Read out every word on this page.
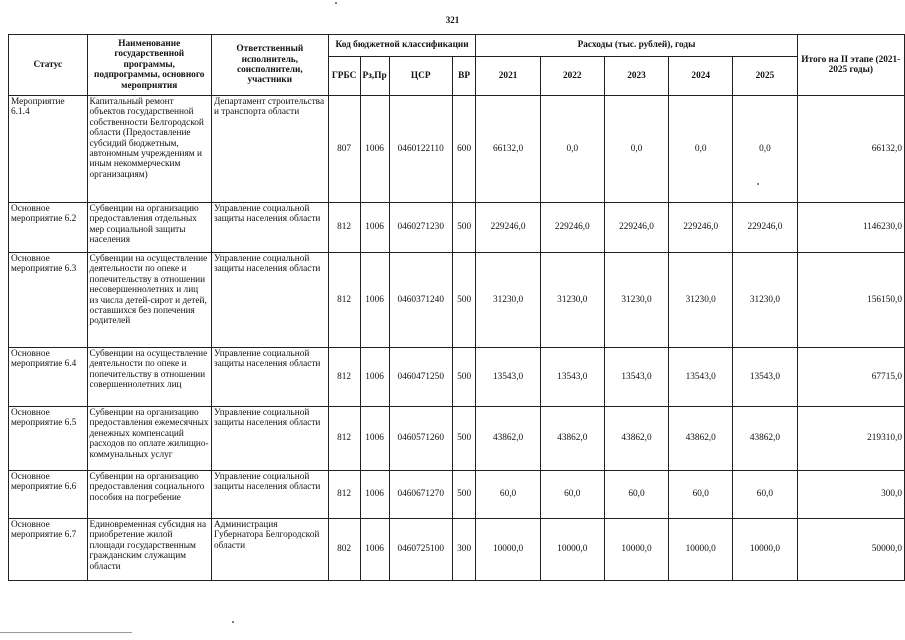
321
Статус	Наименование государственной программы, подпрограммы, основного мероприятия	Ответственный исполнитель, соисполнители, участники	Код бюджетной классификации				Расходы (тыс. рублей), годы					Итого на II этапе (2021-2025 годы)
			ГРБС	Рз,Пр	ЦСР	ВР	2021	2022	2023	2024	2025	
Мероприятие 6.1.4	Капитальный ремонт объектов государственной собственности Белгородской области (Предоставление субсидий бюджетным, автономным учреждениям и иным некоммерческим организациям)	Департамент строительства и транспорта области	807	1006	0460122110	600	66132,0	0,0	0,0	0,0	0,0	66132,0
Основное мероприятие 6.2	Субвенции на организацию предоставления отдельных мер социальной защиты населения	Управление социальной защиты населения области	812	1006	0460271230	500	229246,0	229246,0	229246,0	229246,0	229246,0	1146230,0
Основное мероприятие 6.3	Субвенции на осуществление деятельности по опеке и попечительству в отношении несовершеннолетних и лиц из числа детей-сирот и детей, оставшихся без попечения родителей	Управление социальной защиты населения области	812	1006	0460371240	500	31230,0	31230,0	31230,0	31230,0	31230,0	156150,0
Основное мероприятие 6.4	Субвенции на осуществление деятельности по опеке и попечительству в отношении совершеннолетних лиц	Управление социальной защиты населения области	812	1006	0460471250	500	13543,0	13543,0	13543,0	13543,0	13543,0	67715,0
Основное мероприятие 6.5	Субвенции на организацию предоставления ежемесячных денежных компенсаций расходов по оплате жилищно-коммунальных услуг	Управление социальной защиты населения области	812	1006	0460571260	500	43862,0	43862,0	43862,0	43862,0	43862,0	219310,0
Основное мероприятие 6.6	Субвенции на организацию предоставления социального пособия на погребение	Управление социальной защиты населения области	812	1006	0460671270	500	60,0	60,0	60,0	60,0	60,0	300,0
Основное мероприятие 6.7	Единовременная субсидия на приобретение жилой площади государственным гражданским служащим области	Администрация Губернатора Белгородской области	802	1006	0460725100	300	10000,0	10000,0	10000,0	10000,0	10000,0	50000,0
